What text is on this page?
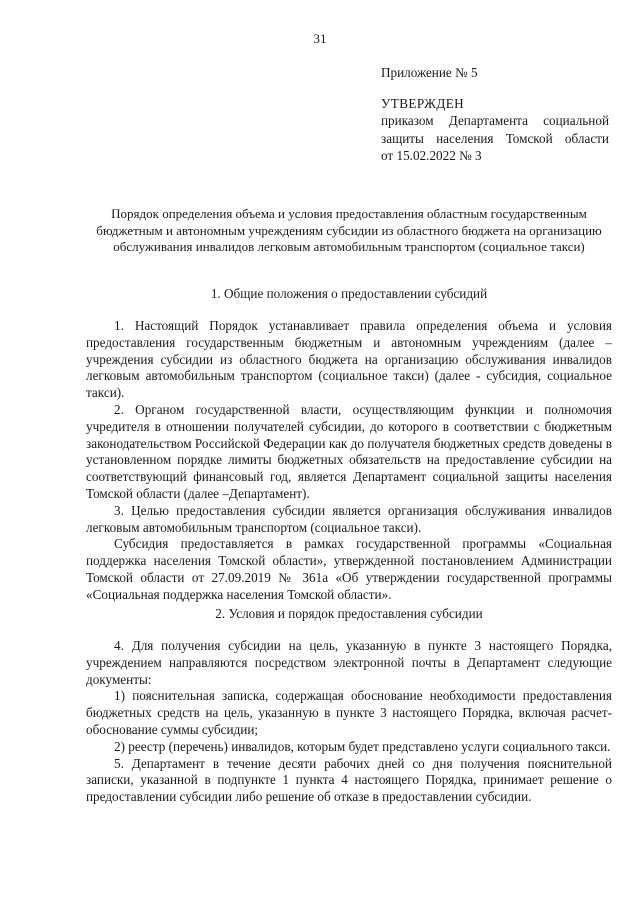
31

Приложение № 5

УТВЕРЖДЕН

приказом Департамента социальной

защиты населения Томской области

от 15.02.2022 № 3

Порядок определения объема и условия предоставления областным государственным бюджетным и автономным учреждениям субсидии из областного бюджета на организацию обслуживания инвалидов легковым автомобильным транспортом (социальное такси)

1. Общие положения о предоставлении субсидий

1. Настоящий Порядок устанавливает правила определения объема и условия предоставления государственным бюджетным и автономным учреждениям (далее – учреждения субсидии из областного бюджета на организацию обслуживания инвалидов легковым автомобильным транспортом (социальное такси) (далее - субсидия, социальное такси).

2. Органом государственной власти, осуществляющим функции и полномочия учредителя в отношении получателей субсидии, до которого в соответствии с бюджетным законодательством Российской Федерации как до получателя бюджетных средств доведены в установленном порядке лимиты бюджетных обязательств на предоставление субсидии на соответствующий финансовый год, является Департамент социальной защиты населения Томской области (далее –Департамент).

3. Целью предоставления субсидии является организация обслуживания инвалидов легковым автомобильным транспортом (социальное такси).

Субсидия предоставляется в рамках государственной программы «Социальная поддержка населения Томской области», утвержденной постановлением Администрации Томской области от 27.09.2019 № 361а «Об утверждении государственной программы «Социальная поддержка населения Томской области».

2. Условия и порядок предоставления субсидии

4. Для получения субсидии на цель, указанную в пункте 3 настоящего Порядка, учреждением направляются посредством электронной почты в Департамент следующие документы:

1) пояснительная записка, содержащая обоснование необходимости предоставления бюджетных средств на цель, указанную в пункте 3 настоящего Порядка, включая расчет-обоснование суммы субсидии;

2) реестр (перечень) инвалидов, которым будет представлено услуги социального такси.

5. Департамент в течение десяти рабочих дней со дня получения пояснительной записки, указанной в подпункте 1 пункта 4 настоящего Порядка, принимает решение о предоставлении субсидии либо решение об отказе в предоставлении субсидии.
